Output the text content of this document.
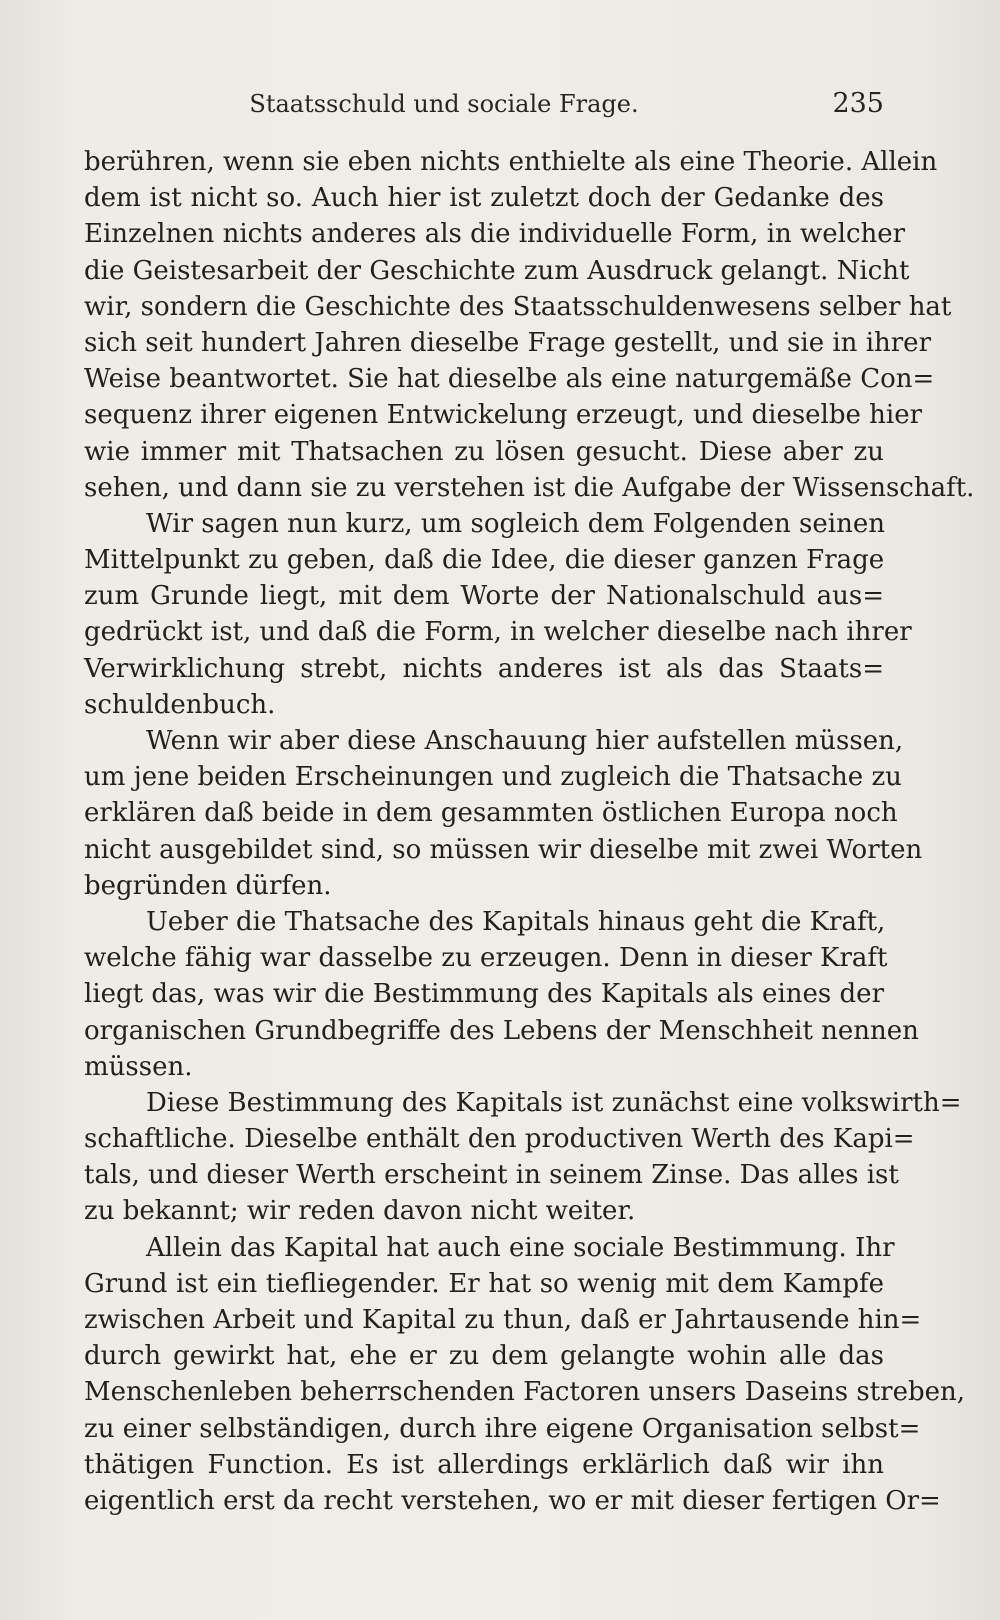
Staatsschuld und sociale Frage.	235
berühren, wenn sie eben nichts enthielte als eine Theorie. Allein
dem ist nicht so. Auch hier ist zuletzt doch der Gedanke des
Einzelnen nichts anderes als die individuelle Form, in welcher
die Geistesarbeit der Geschichte zum Ausdruck gelangt. Nicht
wir, sondern die Geschichte des Staatsschuldenwesens selber hat
sich seit hundert Jahren dieselbe Frage gestellt, und sie in ihrer
Weise beantwortet. Sie hat dieselbe als eine naturgemäße Con=
sequenz ihrer eigenen Entwickelung erzeugt, und dieselbe hier
wie immer mit Thatsachen zu lösen gesucht. Diese aber zu
sehen, und dann sie zu verstehen ist die Aufgabe der Wissenschaft.
Wir sagen nun kurz, um sogleich dem Folgenden seinen
Mittelpunkt zu geben, daß die Idee, die dieser ganzen Frage
zum Grunde liegt, mit dem Worte der Nationalschuld aus=
gedrückt ist, und daß die Form, in welcher dieselbe nach ihrer
Verwirklichung strebt, nichts anderes ist als das Staats=
schuldenbuch.
Wenn wir aber diese Anschauung hier aufstellen müssen,
um jene beiden Erscheinungen und zugleich die Thatsache zu
erklären daß beide in dem gesammten östlichen Europa noch
nicht ausgebildet sind, so müssen wir dieselbe mit zwei Worten
begründen dürfen.
Ueber die Thatsache des Kapitals hinaus geht die Kraft,
welche fähig war dasselbe zu erzeugen. Denn in dieser Kraft
liegt das, was wir die Bestimmung des Kapitals als eines der
organischen Grundbegriffe des Lebens der Menschheit nennen
müssen.
Diese Bestimmung des Kapitals ist zunächst eine volkswirth=
schaftliche. Dieselbe enthält den productiven Werth des Kapi=
tals, und dieser Werth erscheint in seinem Zinse. Das alles ist
zu bekannt; wir reden davon nicht weiter.
Allein das Kapital hat auch eine sociale Bestimmung. Ihr
Grund ist ein tiefliegender. Er hat so wenig mit dem Kampfe
zwischen Arbeit und Kapital zu thun, daß er Jahrtausende hin=
durch gewirkt hat, ehe er zu dem gelangte wohin alle das
Menschenleben beherrschenden Factoren unsers Daseins streben,
zu einer selbständigen, durch ihre eigene Organisation selbst=
thätigen Function. Es ist allerdings erklärlich daß wir ihn
eigentlich erst da recht verstehen, wo er mit dieser fertigen Or=
